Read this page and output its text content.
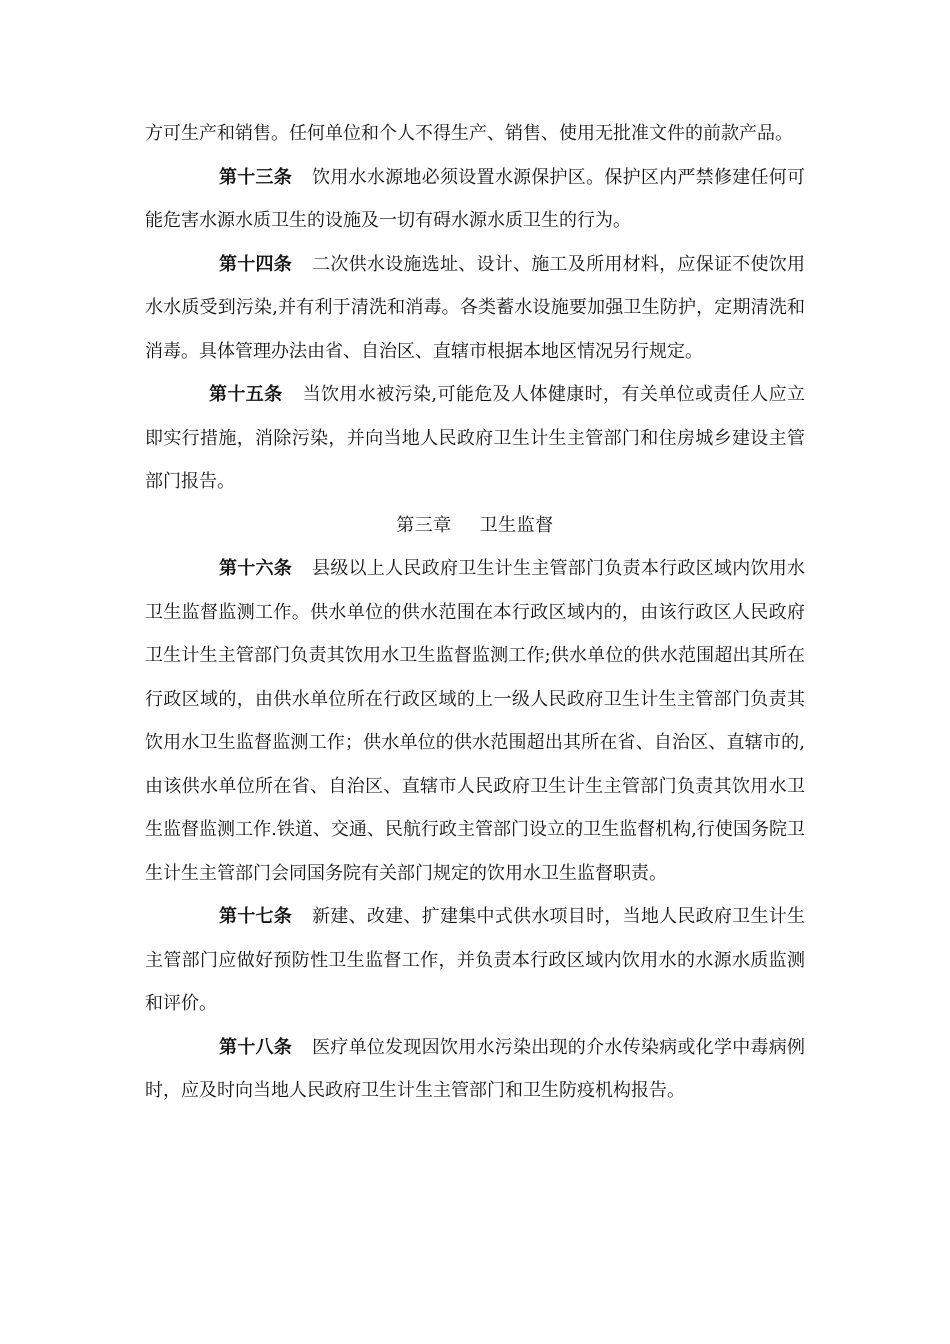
方可生产和销售。任何单位和个人不得生产、销售、使用无批准文件的前款产品。

第十三条 饮用水水源地必须设置水源保护区。保护区内严禁修建任何可能危害水源水质卫生的设施及一切有碍水源水质卫生的行为。

第十四条 二次供水设施选址、设计、施工及所用材料，应保证不使饮用水水质受到污染,并有利于清洗和消毒。各类蓄水设施要加强卫生防护，定期清洗和消毒。具体管理办法由省、自治区、直辖市根据本地区情况另行规定。

第十五条 当饮用水被污染,可能危及人体健康时，有关单位或责任人应立即实行措施，消除污染，并向当地人民政府卫生计生主管部门和住房城乡建设主管部门报告。

第三章 卫生监督

第十六条 县级以上人民政府卫生计生主管部门负责本行政区域内饮用水卫生监督监测工作。供水单位的供水范围在本行政区域内的，由该行政区人民政府卫生计生主管部门负责其饮用水卫生监督监测工作;供水单位的供水范围超出其所在行政区域的，由供水单位所在行政区域的上一级人民政府卫生计生主管部门负责其饮用水卫生监督监测工作；供水单位的供水范围超出其所在省、自治区、直辖市的,由该供水单位所在省、自治区、直辖市人民政府卫生计生主管部门负责其饮用水卫生监督监测工作.铁道、交通、民航行政主管部门设立的卫生监督机构,行使国务院卫生计生主管部门会同国务院有关部门规定的饮用水卫生监督职责。

第十七条 新建、改建、扩建集中式供水项目时，当地人民政府卫生计生主管部门应做好预防性卫生监督工作，并负责本行政区域内饮用水的水源水质监测和评价。

第十八条 医疗单位发现因饮用水污染出现的介水传染病或化学中毒病例时，应及时向当地人民政府卫生计生主管部门和卫生防疫机构报告。
